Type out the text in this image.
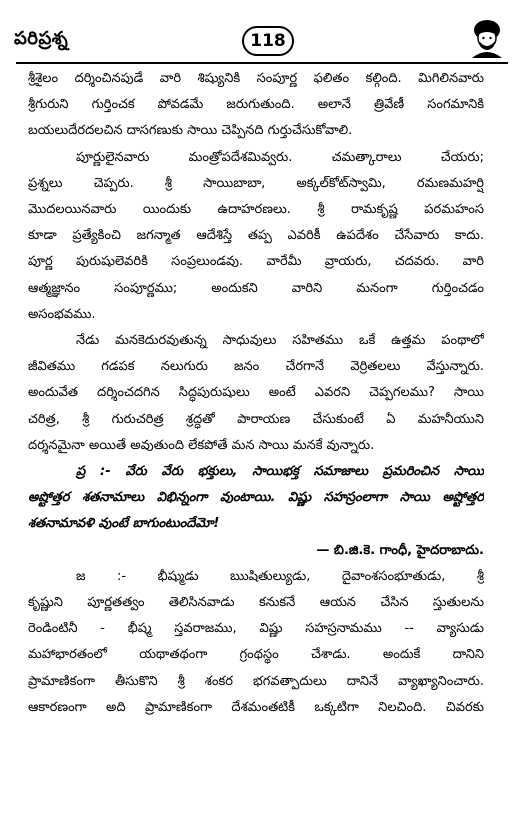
పరిప్రశ్న	118
శ్రీశైలం దర్శించినపుడే వారి శిష్యునికి సంపూర్ణ ఫలితం కల్గింది. మిగిలినవారు
శ్రీగురుని గుర్తించక పోవడమే జరుగుతుంది. అలానే త్రివేణీ సంగమానికి
బయలుదేరదలచిన దాసగణుకు సాయి చెప్పినది గుర్తుచేసుకోవాలి.
పూర్ణులైనవారు మంత్రోపదేశమివ్వరు. చమత్కారాలు చేయరు;
ప్రశ్నలు చెప్పరు. శ్రీ సాయిబాబా, అక్కల్‌కోట్‌స్వామి, రమణమహర్షి
మొదలయినవారు యిందుకు ఉదాహరణలు. శ్రీ రామకృష్ణ పరమహంస
కూడా ప్రత్యేకించి జగన్మాత ఆదేశిస్తే తప్ప ఎవరికీ ఉపదేశం చేసేవారు కాదు.
పూర్ణ పురుషులెవరికి సంప్రలుండవు. వారేమీ వ్రాయరు, చదవరు. వారి
ఆత్మజ్ఞానం సంపూర్ణము; అందుకని వారిని మనంగా గుర్తించడం
అసంభవము.
నేడు మనకెదురవుతున్న సాధువులు సహితము ఒకే ఉత్తమ పంథాలో
జీవితము గడపక నలుగురు జనం చేరగానే వెర్రితలలు వేస్తున్నారు.
అందువేత దర్శించదగిన సిద్ధపురుషులు అంటే ఎవరని చెప్పగలము? సాయి
చరిత్ర, శ్రీ గురుచరిత్ర శ్రద్ధతో పారాయణ చేసుకుంటే ఏ మహనీయుని
దర్శనమైనా అయితే అవుతుంది లేకపోతే మన సాయి మనకే వున్నారు.
ప్ర :- వేరు వేరు భక్తులు, సాయిభక్త సమాజాలు ప్రమరించిన సాయి
అష్టోత్తర శతనామాలు విభిన్నంగా వుంటాయి. విష్ణు సహస్రంలాగా సాయి అష్టోత్తర
శతనామావళి వుంటే బాగుంటుందేమో!
— బి.జి.కె. గాంధీ, హైదరాబాదు.
జ :- భీష్ముడు ఋషితుల్యుడు, దైవాంశసంభూతుడు, శ్రీ
కృష్ణుని పూర్ణతత్వం తెలిసినవాడు కనుకనే ఆయన చేసిన స్తుతులను
రెండింటినీ - భీష్మ స్తవరాజము, విష్ణు సహస్రనామము -- వ్యాసుడు
మహాభారతంలో యథాతథంగా గ్రంథస్థం చేశాడు. అందుకే దానిని
ప్రామాణికంగా తీసుకొని శ్రీ శంకర భగవత్పాదులు దానినే వ్యాఖ్యానించారు.
ఆకారణంగా అది ప్రామాణికంగా దేశమంతటికీ ఒక్కటిగా నిలచింది. చివరకు
